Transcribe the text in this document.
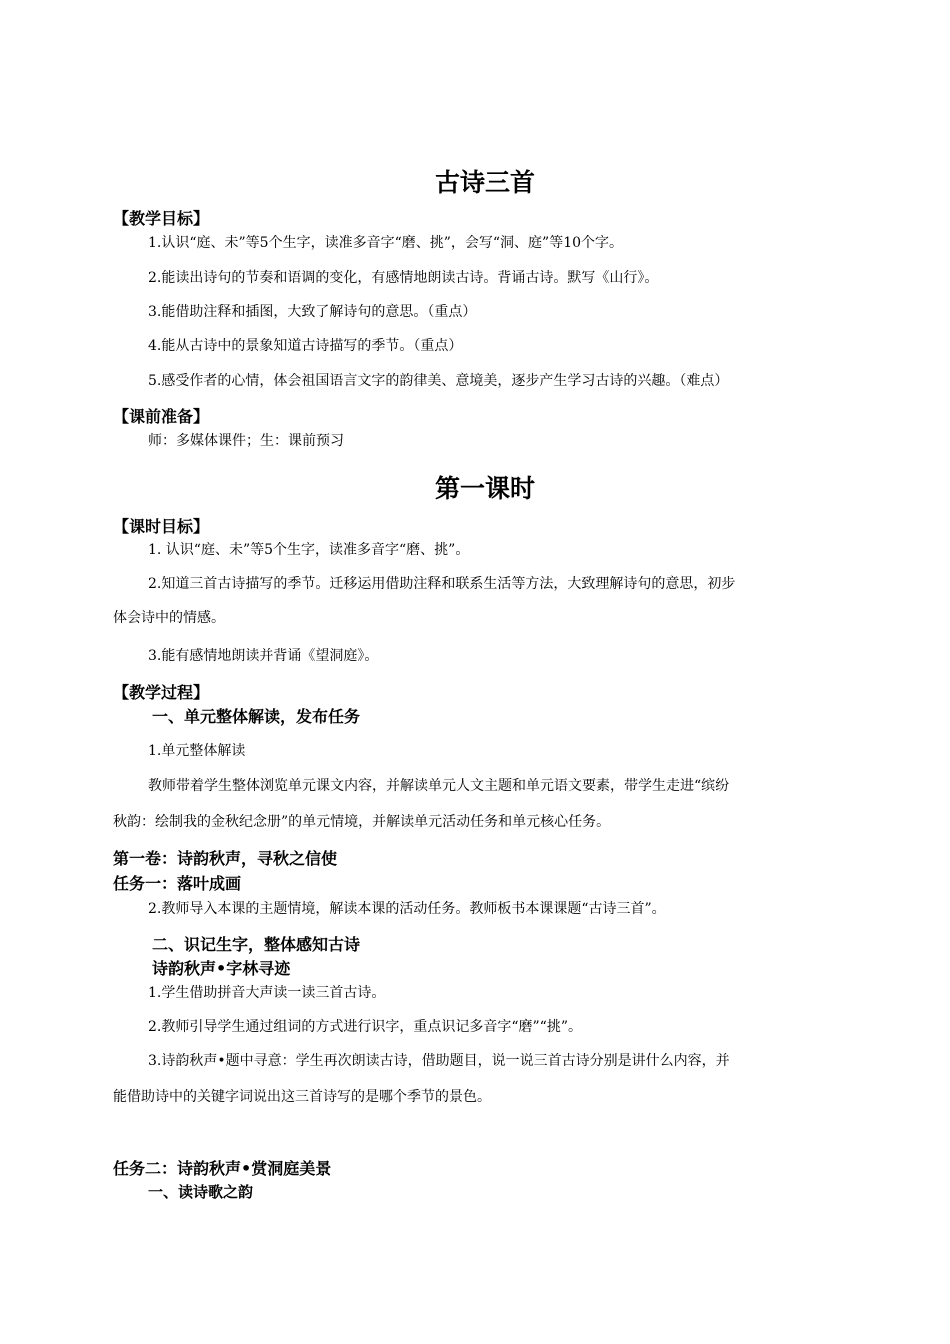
古诗三首
【教学目标】
1.认识“庭、未”等5个生字，读准多音字“磨、挑”，会写“洞、庭”等10个字。
2.能读出诗句的节奏和语调的变化，有感情地朗读古诗。背诵古诗。默写《山行》。
3.能借助注释和插图，大致了解诗句的意思。（重点）
4.能从古诗中的景象知道古诗描写的季节。（重点）
5.感受作者的心情，体会祖国语言文字的韵律美、意境美，逐步产生学习古诗的兴趣。（难点）
【课前准备】
师：多媒体课件；生：课前预习
第一课时
【课时目标】
1. 认识“庭、未”等5个生字，读准多音字“磨、挑”。
2.知道三首古诗描写的季节。迁移运用借助注释和联系生活等方法，大致理解诗句的意思，初步
体会诗中的情感。
3.能有感情地朗读并背诵《望洞庭》。
【教学过程】
一、单元整体解读，发布任务
1.单元整体解读
教师带着学生整体浏览单元课文内容，并解读单元人文主题和单元语文要素，带学生走进“缤纷
秋韵：绘制我的金秋纪念册”的单元情境，并解读单元活动任务和单元核心任务。
第一卷：诗韵秋声，寻秋之信使
任务一：落叶成画
2.教师导入本课的主题情境，解读本课的活动任务。教师板书本课课题“古诗三首”。
二、识记生字，整体感知古诗
诗韵秋声•字林寻迹
1.学生借助拼音大声读一读三首古诗。
2.教师引导学生通过组词的方式进行识字，重点识记多音字“磨”“挑”。
3.诗韵秋声•题中寻意：学生再次朗读古诗，借助题目，说一说三首古诗分别是讲什么内容，并
能借助诗中的关键字词说出这三首诗写的是哪个季节的景色。
任务二：诗韵秋声•赏洞庭美景
一、读诗歌之韵
